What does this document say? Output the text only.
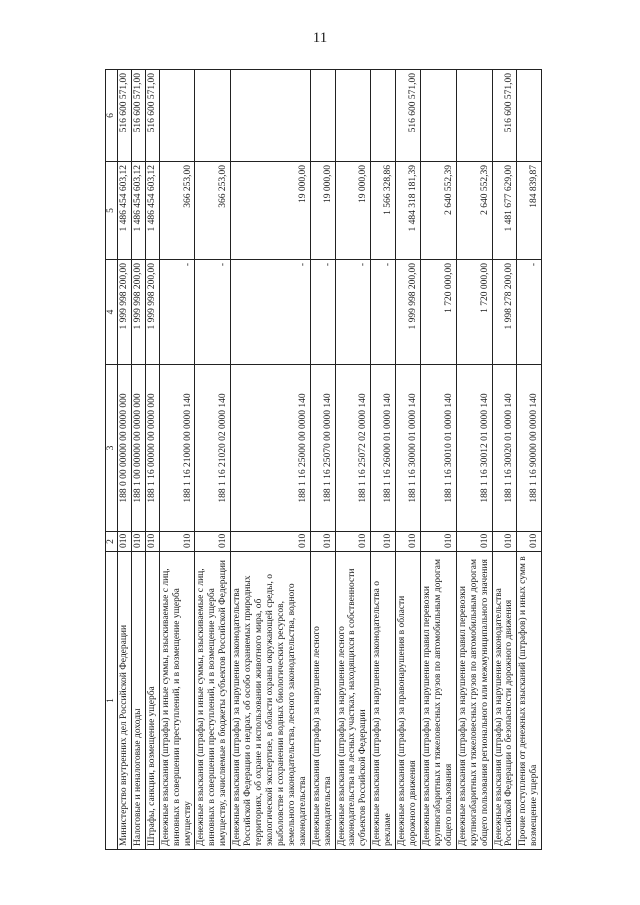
11
1	2	3	4	5	6
Министерство внутренних дел Российской Федерации	010	188 0 00 00000 00 0000 000	1 999 998 200,00	1 486 454 603,12	516 600 571,00
Налоговые и неналоговые доходы	010	188 1 00 00000 00 0000 000	1 999 998 200,00	1 486 454 603,12	516 600 571,00
Штрафы, санкции, возмещение ущерба	010	188 1 16 00000 00 0000 000	1 999 998 200,00	1 486 454 603,12	516 600 571,00
Денежные взыскания (штрафы) и иные суммы, взыскиваемые с лиц, виновных в совершении преступлений, и в возмещение ущерба имуществу	010	188 1 16 21000 00 0000 140	-	366 253,00	
Денежные взыскания (штрафы) и иные суммы, взыскиваемые с лиц, виновных в совершении преступлений, и в возмещение ущерба имуществу, зачисляемые в бюджеты субъектов Российской Федерации	010	188 1 16 21020 02 0000 140	-	366 253,00	
Денежные взыскания (штрафы) за нарушение законодательства Российской Федерации о недрах, об особо охраняемых природных территориях, об охране и использовании животного мира, об экологической экспертизе, в области охраны окружающей среды, о рыболовстве и сохранении водных биологических ресурсов, земельного законодательства, лесного законодательства, водного законодательства	010	188 1 16 25000 00 0000 140	-	19 000,00	
Денежные взыскания (штрафы) за нарушение лесного законодательства	010	188 1 16 25070 00 0000 140	-	19 000,00	
Денежные взыскания (штрафы) за нарушение лесного законодательства на лесных участках, находящихся в собственности субъектов Российской Федерации	010	188 1 16 25072 02 0000 140	-	19 000,00	
Денежные взыскания (штрафы) за нарушение законодательства о рекламе	010	188 1 16 26000 01 0000 140	-	1 566 328,86	
Денежные взыскания (штрафы) за правонарушения в области дорожного движения	010	188 1 16 30000 01 0000 140	1 999 998 200,00	1 484 318 181,39	516 600 571,00
Денежные взыскания (штрафы) за нарушение правил перевозки крупногабаритных и тяжеловесных грузов по автомобильным дорогам общего пользования	010	188 1 16 30010 01 0000 140	1 720 000,00	2 640 552,39	
Денежные взыскания (штрафы) за нарушение правил перевозки крупногабаритных и тяжеловесных грузов по автомобильным дорогам общего пользования регионального или межмуниципального значения	010	188 1 16 30012 01 0000 140	1 720 000,00	2 640 552,39	
Денежные взыскания (штрафы) за нарушение законодательства Российской Федерации о безопасности дорожного движения	010	188 1 16 30020 01 0000 140	1 998 278 200,00	1 481 677 629,00	516 600 571,00
Прочие поступления от денежных взысканий (штрафов) и иных сумм в возмещение ущерба	010	188 1 16 90000 00 0000 140	-	184 839,87	
